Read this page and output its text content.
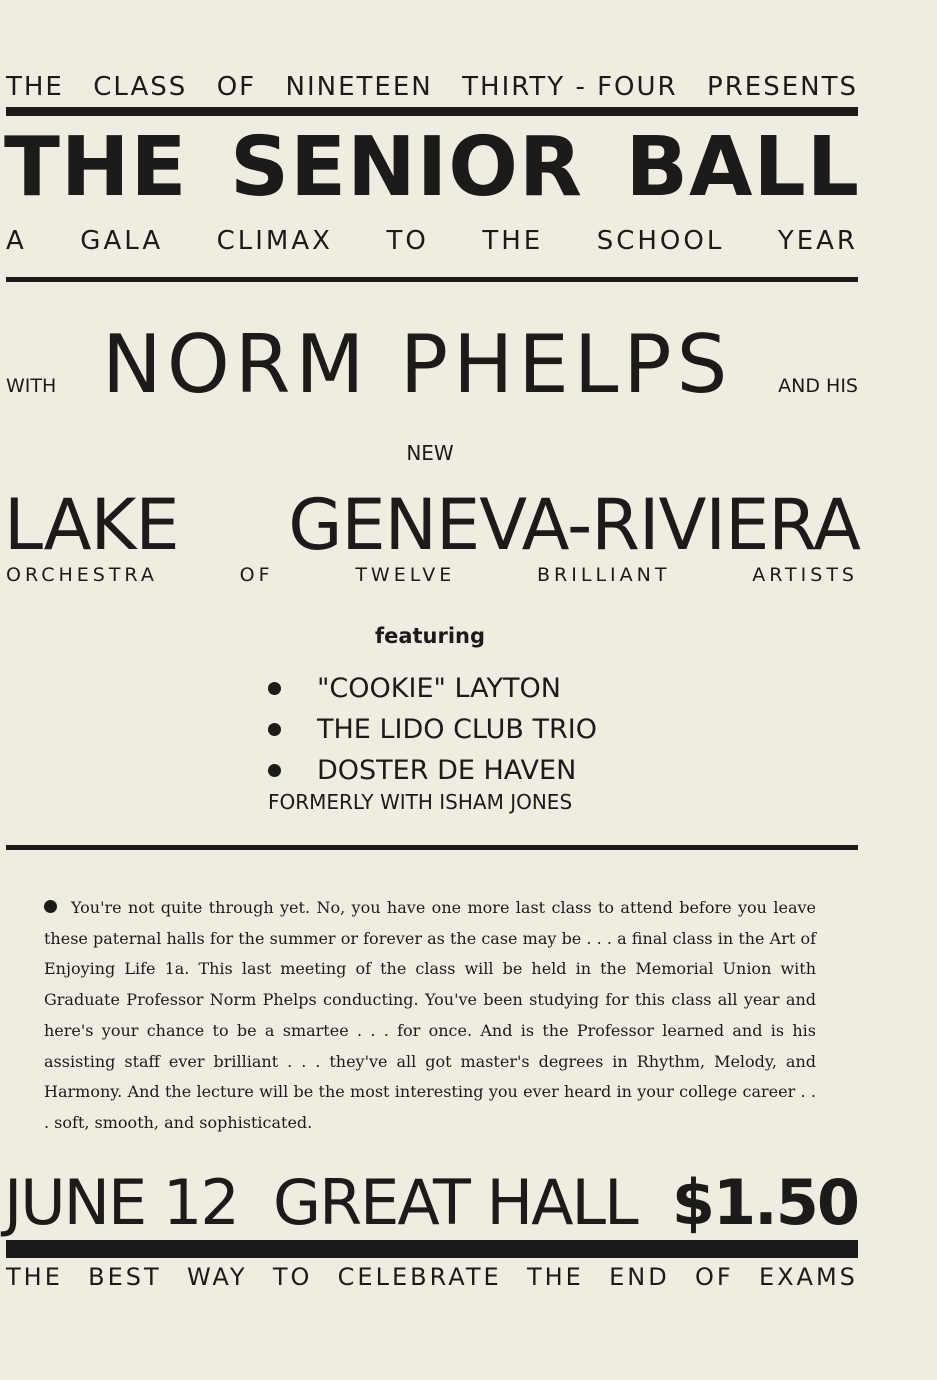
THE CLASS OF NINETEEN THIRTY - FOUR PRESENTS
THE SENIOR BALL
A GALA CLIMAX TO THE SCHOOL YEAR
WITH NORM PHELPS AND HIS
NEW
LAKE GENEVA-RIVIERA
ORCHESTRA	OF	TWELVE	BRILLIANT	ARTISTS
featuring
"COOKIE" LAYTON
THE LIDO CLUB TRIO
DOSTER DE HAVEN
FORMERLY WITH ISHAM JONES
You're not quite through yet. No, you have one more last class to attend before you leave these paternal halls for the summer or forever as the case may be . . . a final class in the Art of Enjoying Life 1a. This last meeting of the class will be held in the Memorial Union with Graduate Professor Norm Phelps conducting. You've been studying for this class all year and here's your chance to be a smartee . . . for once. And is the Professor learned and is his assisting staff ever brilliant . . . they've all got master's degrees in Rhythm, Melody, and Harmony. And the lecture will be the most interesting you ever heard in your college career . . . soft, smooth, and sophisticated.
JUNE 12 GREAT HALL $1.50
THE BEST WAY TO CELEBRATE THE END OF EXAMS
